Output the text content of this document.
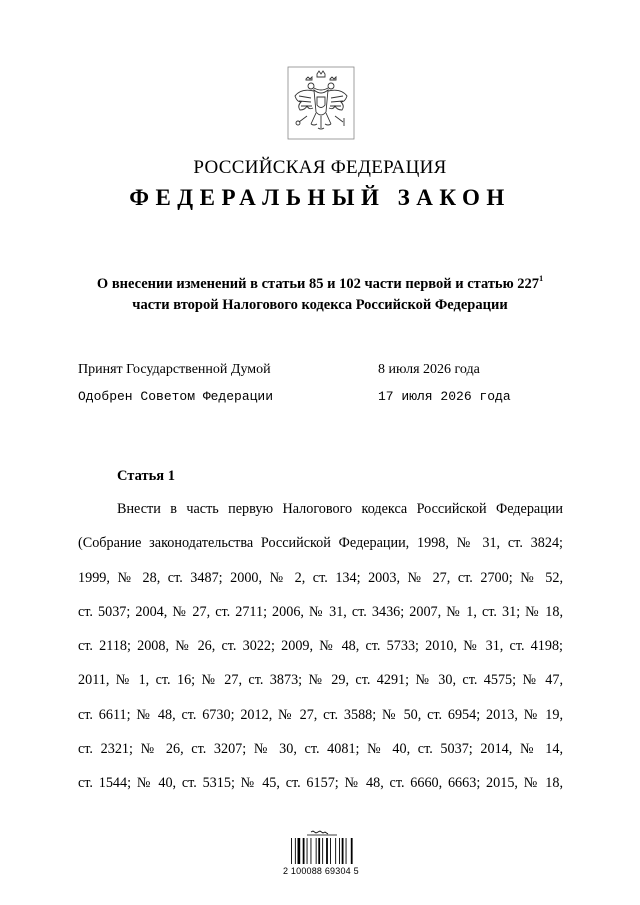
РОССИЙСКАЯ ФЕДЕРАЦИЯ
ФЕДЕРАЛЬНЫЙ ЗАКОН
О внесении изменений в статьи 85 и 102 части первой и статью $227^1$
части второй Налогового кодекса Российской Федерации
Принят Государственной Думой	8 июля 2026 года
Одобрен Советом Федерации	17 июля 2026 года
Статья 1
Внести в часть первую Налогового кодекса Российской Федерации
(Собрание законодательства Российской Федерации, 1998, № 31, ст. 3824;
1999, № 28, ст. 3487; 2000, № 2, ст. 134; 2003, № 27, ст. 2700; № 52,
ст. 5037; 2004, № 27, ст. 2711; 2006, № 31, ст. 3436; 2007, № 1, ст. 31; № 18,
ст. 2118; 2008, № 26, ст. 3022; 2009, № 48, ст. 5733; 2010, № 31, ст. 4198;
2011, № 1, ст. 16; № 27, ст. 3873; № 29, ст. 4291; № 30, ст. 4575; № 47,
ст. 6611; № 48, ст. 6730; 2012, № 27, ст. 3588; № 50, ст. 6954; 2013, № 19,
ст. 2321; № 26, ст. 3207; № 30, ст. 4081; № 40, ст. 5037; 2014, № 14,
ст. 1544; № 40, ст. 5315; № 45, ст. 6157; № 48, ст. 6660, 6663; 2015, № 18,
2 100088 69304 5
